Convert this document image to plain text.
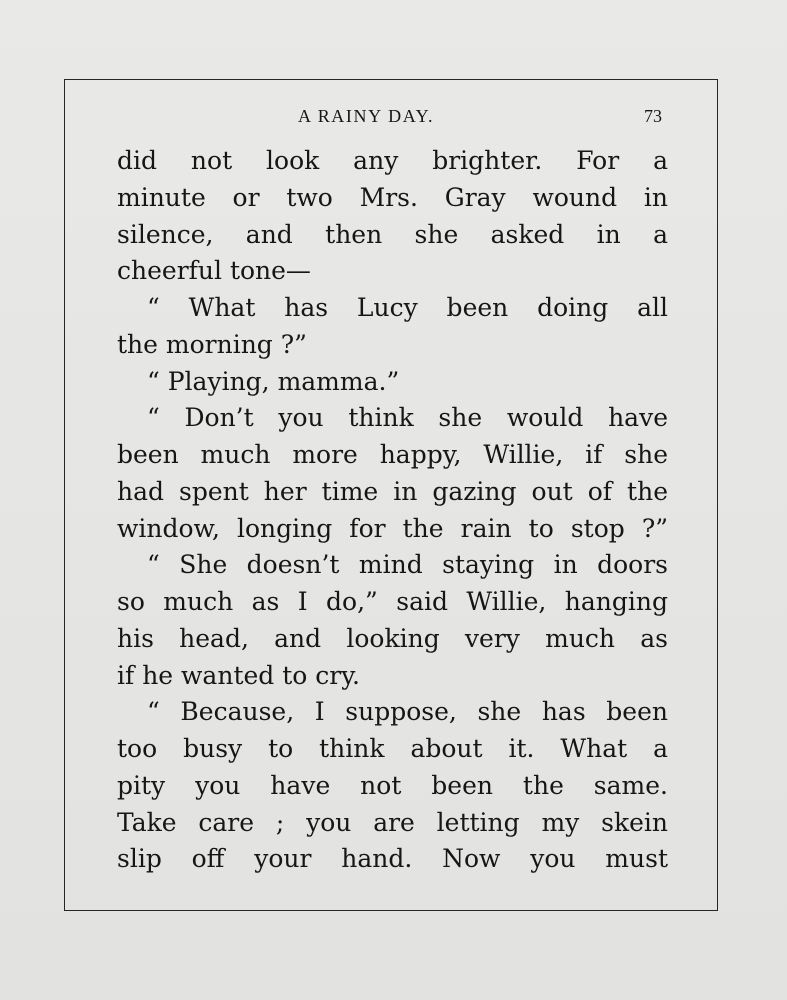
A RAINY DAY.	73
did not look any brighter. For a
minute or two Mrs. Gray wound in
silence, and then she asked in a
cheerful tone—
“ What has Lucy been doing all
the morning ?”
“ Playing, mamma.”
“ Don’t you think she would have
been much more happy, Willie, if she
had spent her time in gazing out of the
window, longing for the rain to stop ?”
“ She doesn’t mind staying in doors
so much as I do,” said Willie, hanging
his head, and looking very much as
if he wanted to cry.
“ Because, I suppose, she has been
too busy to think about it. What a
pity you have not been the same.
Take care ; you are letting my skein
slip off your hand. Now you must
